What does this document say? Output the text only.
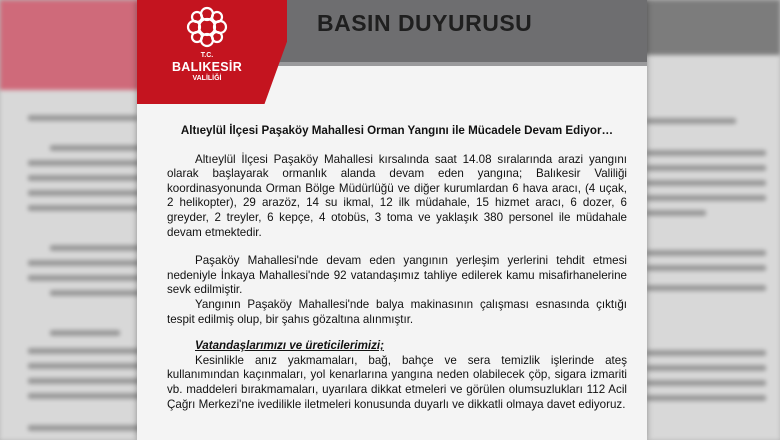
T.C.
BALIKESİR
VALİLİĞİ
BASIN DUYURUSU
Altıeylül İlçesi Paşaköy Mahallesi Orman Yangını ile Mücadele Devam Ediyor…

Altıeylül İlçesi Paşaköy Mahallesi kırsalında saat 14.08 sıralarında arazi yangını olarak başlayarak ormanlık alanda devam eden yangına; Balıkesir Valiliği koordinasyonunda Orman Bölge Müdürlüğü ve diğer kurumlardan 6 hava aracı, (4 uçak, 2 helikopter), 29 arazöz, 14 su ikmal, 12 ilk müdahale, 15 hizmet aracı, 6 dozer, 6 greyder, 2 treyler, 6 kepçe, 4 otobüs, 3 toma ve yaklaşık 380 personel ile müdahale devam etmektedir.

Paşaköy Mahallesi'nde devam eden yangının yerleşim yerlerini tehdit etmesi nedeniyle İnkaya Mahallesi'nde 92 vatandaşımız tahliye edilerek kamu misafirhanelerine sevk edilmiştir.

Yangının Paşaköy Mahallesi'nde balya makinasının çalışması esnasında çıktığı tespit edilmiş olup, bir şahıs gözaltına alınmıştır.

Vatandaşlarımızı ve üreticilerimizi;

Kesinlikle anız yakmamaları, bağ, bahçe ve sera temizlik işlerinde ateş kullanımından kaçınmaları, yol kenarlarına yangına neden olabilecek çöp, sigara izmariti vb. maddeleri bırakmamaları, uyarılara dikkat etmeleri ve görülen olumsuzlukları 112 Acil Çağrı Merkezi'ne ivedilikle iletmeleri konusunda duyarlı ve dikkatli olmaya davet ediyoruz.
